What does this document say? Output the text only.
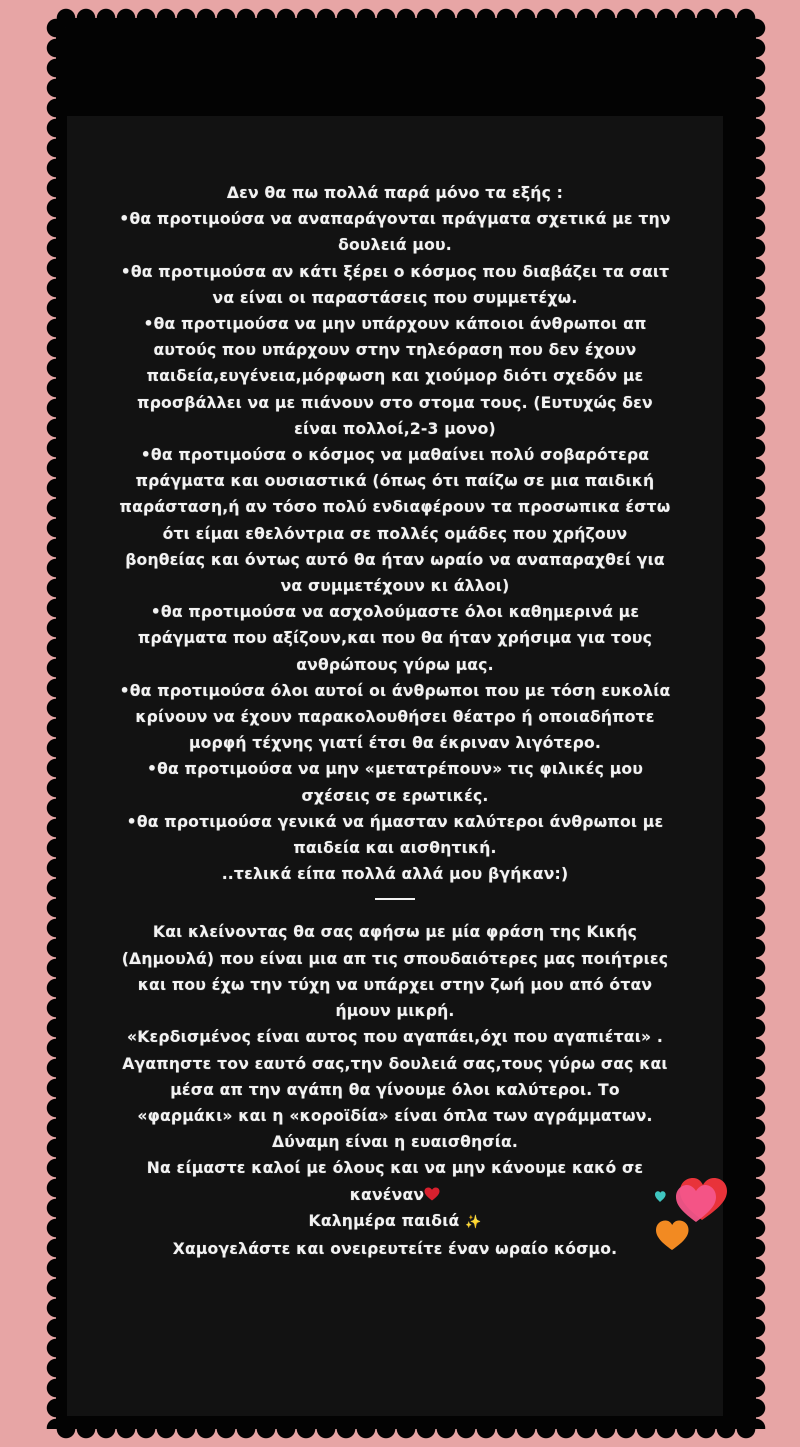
Δεν θα πω πολλά παρά μόνο τα εξής :
•θα προτιμούσα να αναπαράγονται πράγματα σχετικά με την
δουλειά μου.
•θα προτιμούσα αν κάτι ξέρει ο κόσμος που διαβάζει τα σαιτ
να είναι οι παραστάσεις που συμμετέχω.
•θα προτιμούσα να μην υπάρχουν κάποιοι άνθρωποι απ
αυτούς που υπάρχουν στην τηλεόραση που δεν έχουν
παιδεία,ευγένεια,μόρφωση και χιούμορ διότι σχεδόν με
προσβάλλει να με πιάνουν στο στομα τους. (Ευτυχώς δεν
είναι πολλοί,2-3 μονο)
•θα προτιμούσα ο κόσμος να μαθαίνει πολύ σοβαρότερα
πράγματα και ουσιαστικά (όπως ότι παίζω σε μια παιδική
παράσταση,ή αν τόσο πολύ ενδιαφέρουν τα προσωπικα έστω
ότι είμαι εθελόντρια σε πολλές ομάδες που χρήζουν
βοηθείας και όντως αυτό θα ήταν ωραίο να αναπαραχθεί για
να συμμετέχουν κι άλλοι)
•θα προτιμούσα να ασχολούμαστε όλοι καθημερινά με
πράγματα που αξίζουν,και που θα ήταν χρήσιμα για τους
ανθρώπους γύρω μας.
•θα προτιμούσα όλοι αυτοί οι άνθρωποι που με τόση ευκολία
κρίνουν να έχουν παρακολουθήσει θέατρο ή οποιαδήποτε
μορφή τέχνης γιατί έτσι θα έκριναν λιγότερο.
•θα προτιμούσα να μην «μετατρέπουν» τις φιλικές μου
σχέσεις σε ερωτικές.
•θα προτιμούσα γενικά να ήμασταν καλύτεροι άνθρωποι με
παιδεία και αισθητική.
..τελικά είπα πολλά αλλά μου βγήκαν:)
Και κλείνοντας θα σας αφήσω με μία φράση της Κικής
(Δημουλά) που είναι μια απ τις σπουδαιότερες μας ποιήτριες
και που έχω την τύχη να υπάρχει στην ζωή μου από όταν
ήμουν μικρή.
«Κερδισμένος είναι αυτος που αγαπάει,όχι που αγαπιέται» .
Αγαπηστε τον εαυτό σας,την δουλειά σας,τους γύρω σας και
μέσα απ την αγάπη θα γίνουμε όλοι καλύτεροι. Το
«φαρμάκι» και η «κοροϊδία» είναι όπλα των αγράμματων.
Δύναμη είναι η ευαισθησία.
Να είμαστε καλοί με όλους και να μην κάνουμε κακό σε
κανέναν
Καλημέρα παιδιά ✨
Χαμογελάστε και ονειρευτείτε έναν ωραίο κόσμο.
